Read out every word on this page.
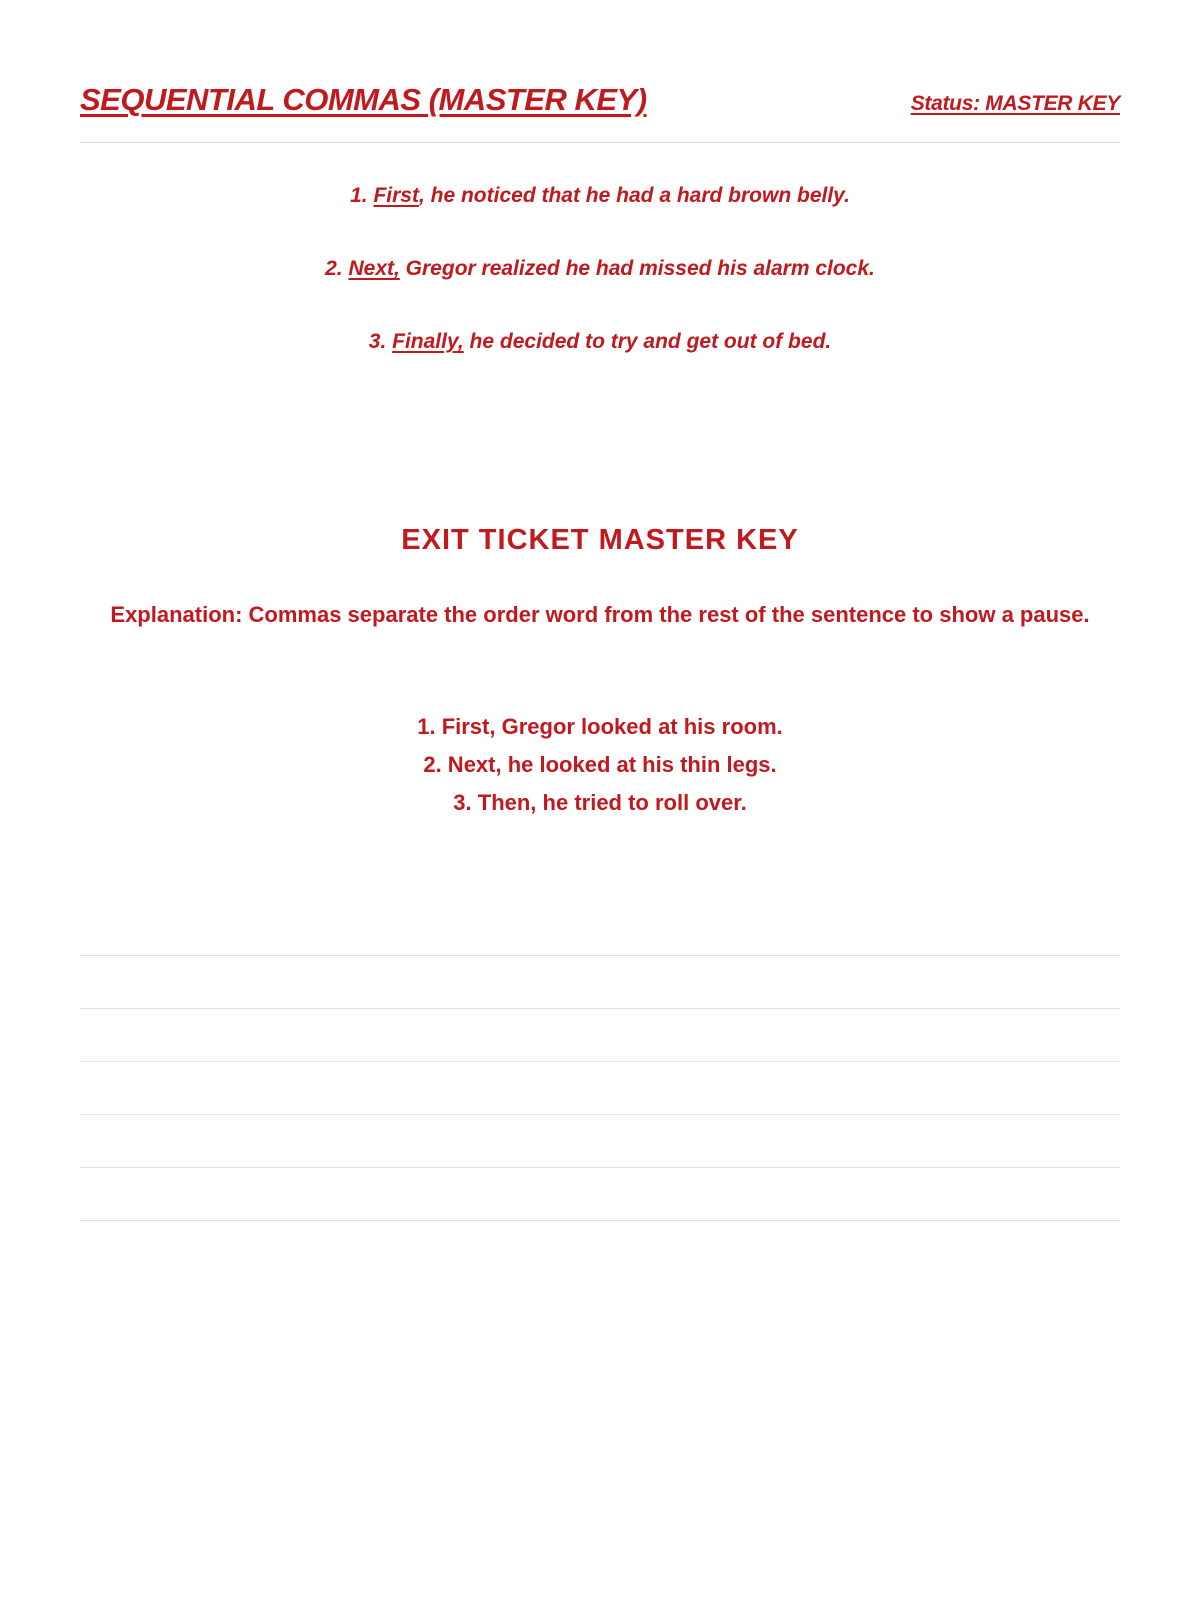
SEQUENTIAL COMMAS (MASTER KEY)	Status: MASTER KEY
1. First, he noticed that he had a hard brown belly.
2. Next, Gregor realized he had missed his alarm clock.
3. Finally, he decided to try and get out of bed.
EXIT TICKET MASTER KEY

Explanation: Commas separate the order word from the rest of the sentence to show a pause.

1. First, Gregor looked at his room.
2. Next, he looked at his thin legs.
3. Then, he tried to roll over.
